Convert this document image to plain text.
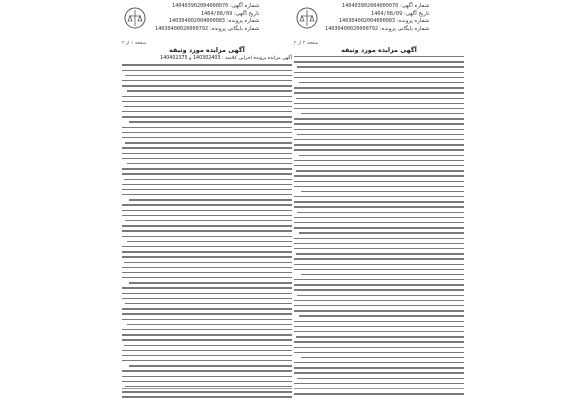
شماره آگهی: 140403902004000070
تاریخ آگهی: 1404/08/09
شماره پرونده: 140304002004000083
شماره بایگانی پرونده: 14030400020000792
صفحه ۱ از ۲
آگهی مزایده مورد وثیقه
آگهی مزایده پرونده اجرایی کلاسه : 140302403 و 140402375
شماره آگهی: 140403902004000070
تاریخ آگهی: 1404/08/09
شماره پرونده: 140304002004000083
شماره بایگانی پرونده: 14030400020000792
صفحه ۲ از ۲
آگهی مزایده مورد وثیقه
